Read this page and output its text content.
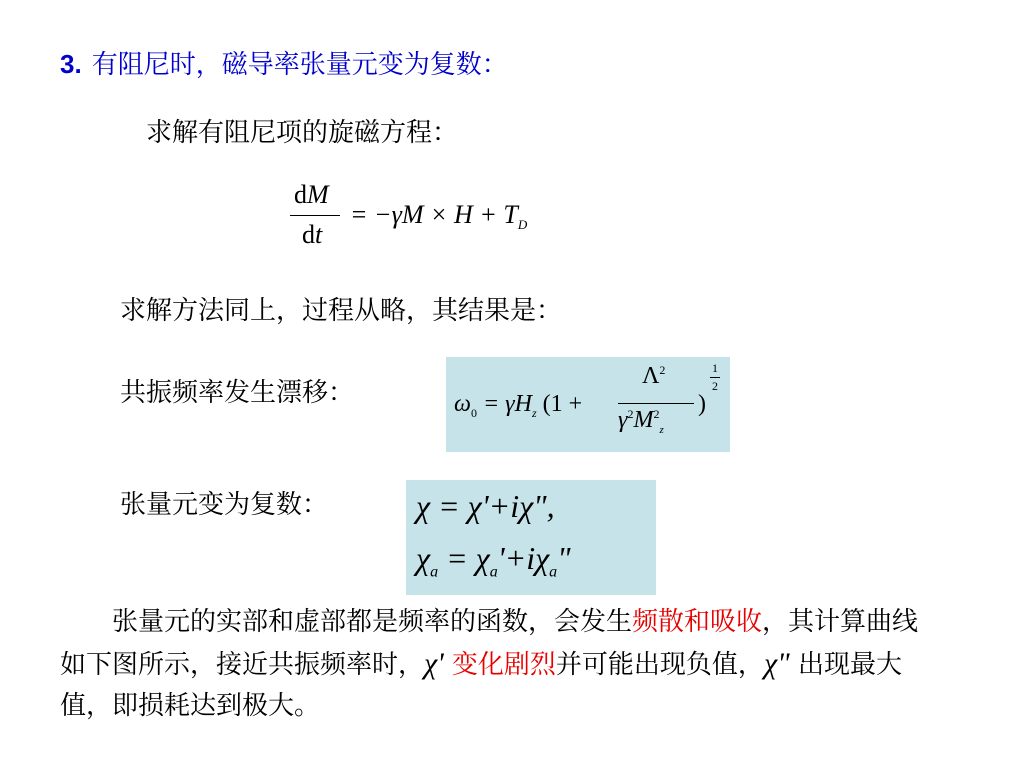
3. 有阻尼时，磁导率张量元变为复数：
求解有阻尼项的旋磁方程：
dM
dt
= $-\gamma M \times H + T_D$
求解方法同上，过程从略，其结果是：
共振频率发生漂移：	$\omega_0 = \gamma H_z$ (1 +
$\Lambda^2$
$\gamma^2M^2_z$
)
1
2
张量元变为复数：	χ = χ'+iχ",
$\chi_a = \chi_a'+i\chi_a$"
张量元的实部和虚部都是频率的函数，会发生频散和吸收，其计算曲线如下图所示，接近共振频率时，χ' 变化剧烈并可能出现负值，χ" 出现最大值，即损耗达到极大。
